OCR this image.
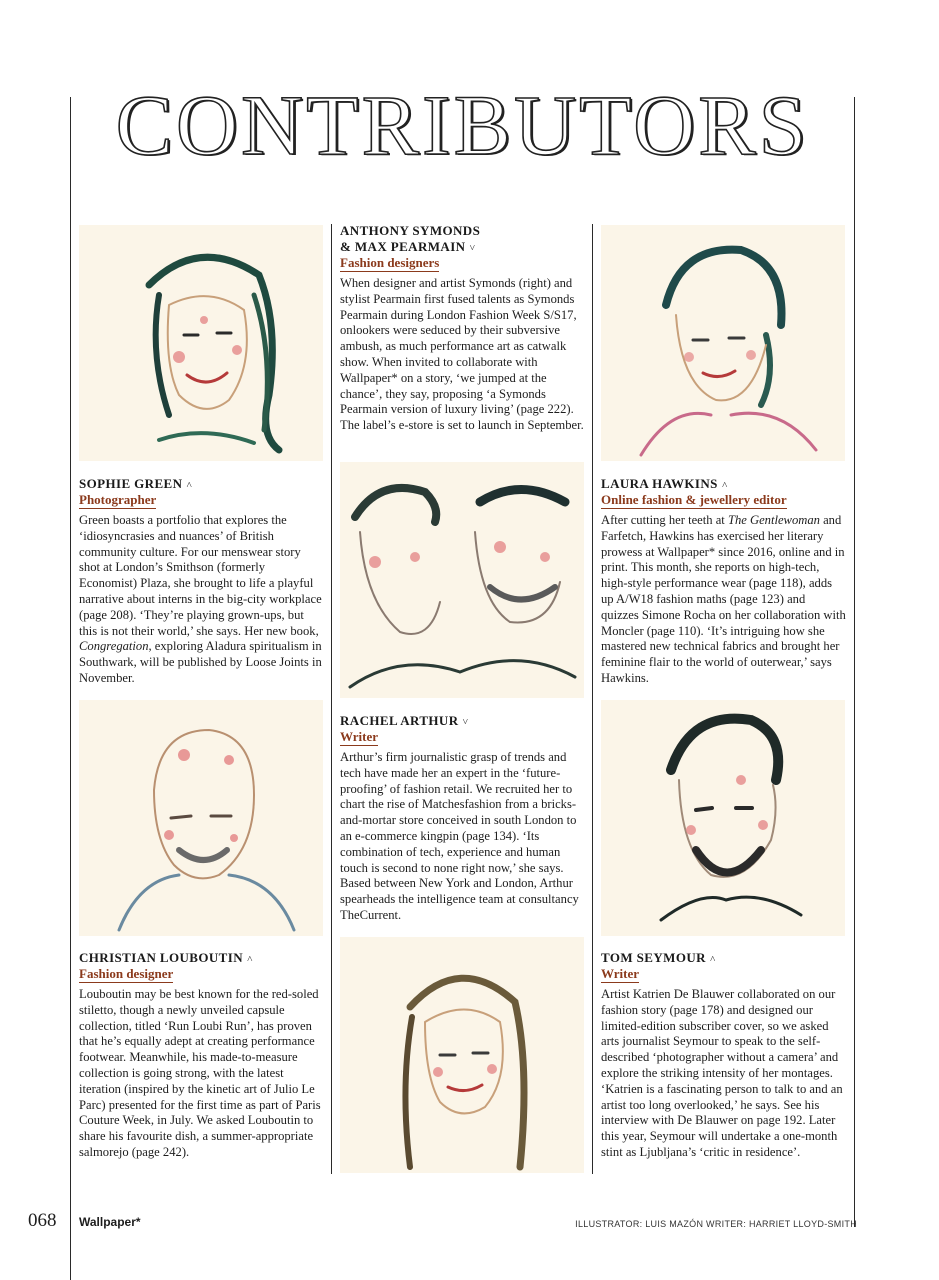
CONTRIBUTORS
SOPHIE GREEN ˄
Photographer
Green boasts a portfolio that explores the ‘idiosyncrasies and nuances’ of British community culture. For our menswear story shot at London’s Smithson (formerly Economist) Plaza, she brought to life a playful narrative about interns in the big-city workplace (page 208). ‘They’re playing grown-ups, but this is not their world,’ she says. Her new book, Congregation, exploring Aladura spiritualism in Southwark, will be published by Loose Joints in November.
CHRISTIAN LOUBOUTIN ˄
Fashion designer
Louboutin may be best known for the red-soled stiletto, though a newly unveiled capsule collection, titled ‘Run Loubi Run’, has proven that he’s equally adept at creating performance footwear. Meanwhile, his made-to-measure collection is going strong, with the latest iteration (inspired by the kinetic art of Julio Le Parc) presented for the first time as part of Paris Couture Week, in July. We asked Louboutin to share his favourite dish, a summer-appropriate salmorejo (page 242).
ANTHONY SYMONDS
& MAX PEARMAIN ˅
Fashion designers
When designer and artist Symonds (right) and stylist Pearmain first fused talents as Symonds Pearmain during London Fashion Week S/S17, onlookers were seduced by their subversive ambush, as much performance art as catwalk show. When invited to collaborate with Wallpaper* on a story, ‘we jumped at the chance’, they say, proposing ‘a Symonds Pearmain version of luxury living’ (page 222). The label’s e-store is set to launch in September.
RACHEL ARTHUR ˅
Writer
Arthur’s firm journalistic grasp of trends and tech have made her an expert in the ‘future-proofing’ of fashion retail. We recruited her to chart the rise of Matchesfashion from a bricks-and-mortar store conceived in south London to an e-commerce kingpin (page 134). ‘Its combination of tech, experience and human touch is second to none right now,’ she says. Based between New York and London, Arthur spearheads the intelligence team at consultancy TheCurrent.
LAURA HAWKINS ˄
Online fashion & jewellery editor
After cutting her teeth at The Gentlewoman and Farfetch, Hawkins has exercised her literary prowess at Wallpaper* since 2016, online and in print. This month, she reports on high-tech, high-style performance wear (page 118), adds up A/W18 fashion maths (page 123) and quizzes Simone Rocha on her collaboration with Moncler (page 110). ‘It’s intriguing how she mastered new technical fabrics and brought her feminine flair to the world of outerwear,’ says Hawkins.
TOM SEYMOUR ˄
Writer
Artist Katrien De Blauwer collaborated on our fashion story (page 178) and designed our limited-edition subscriber cover, so we asked arts journalist Seymour to speak to the self-described ‘photographer without a camera’ and explore the striking intensity of her montages. ‘Katrien is a fascinating person to talk to and an artist too long overlooked,’ he says. See his interview with De Blauwer on page 192. Later this year, Seymour will undertake a one-month stint as Ljubljana’s ‘critic in residence’.
068 Wallpaper*	ILLUSTRATOR: LUIS MAZÓN WRITER: HARRIET LLOYD-SMITH
